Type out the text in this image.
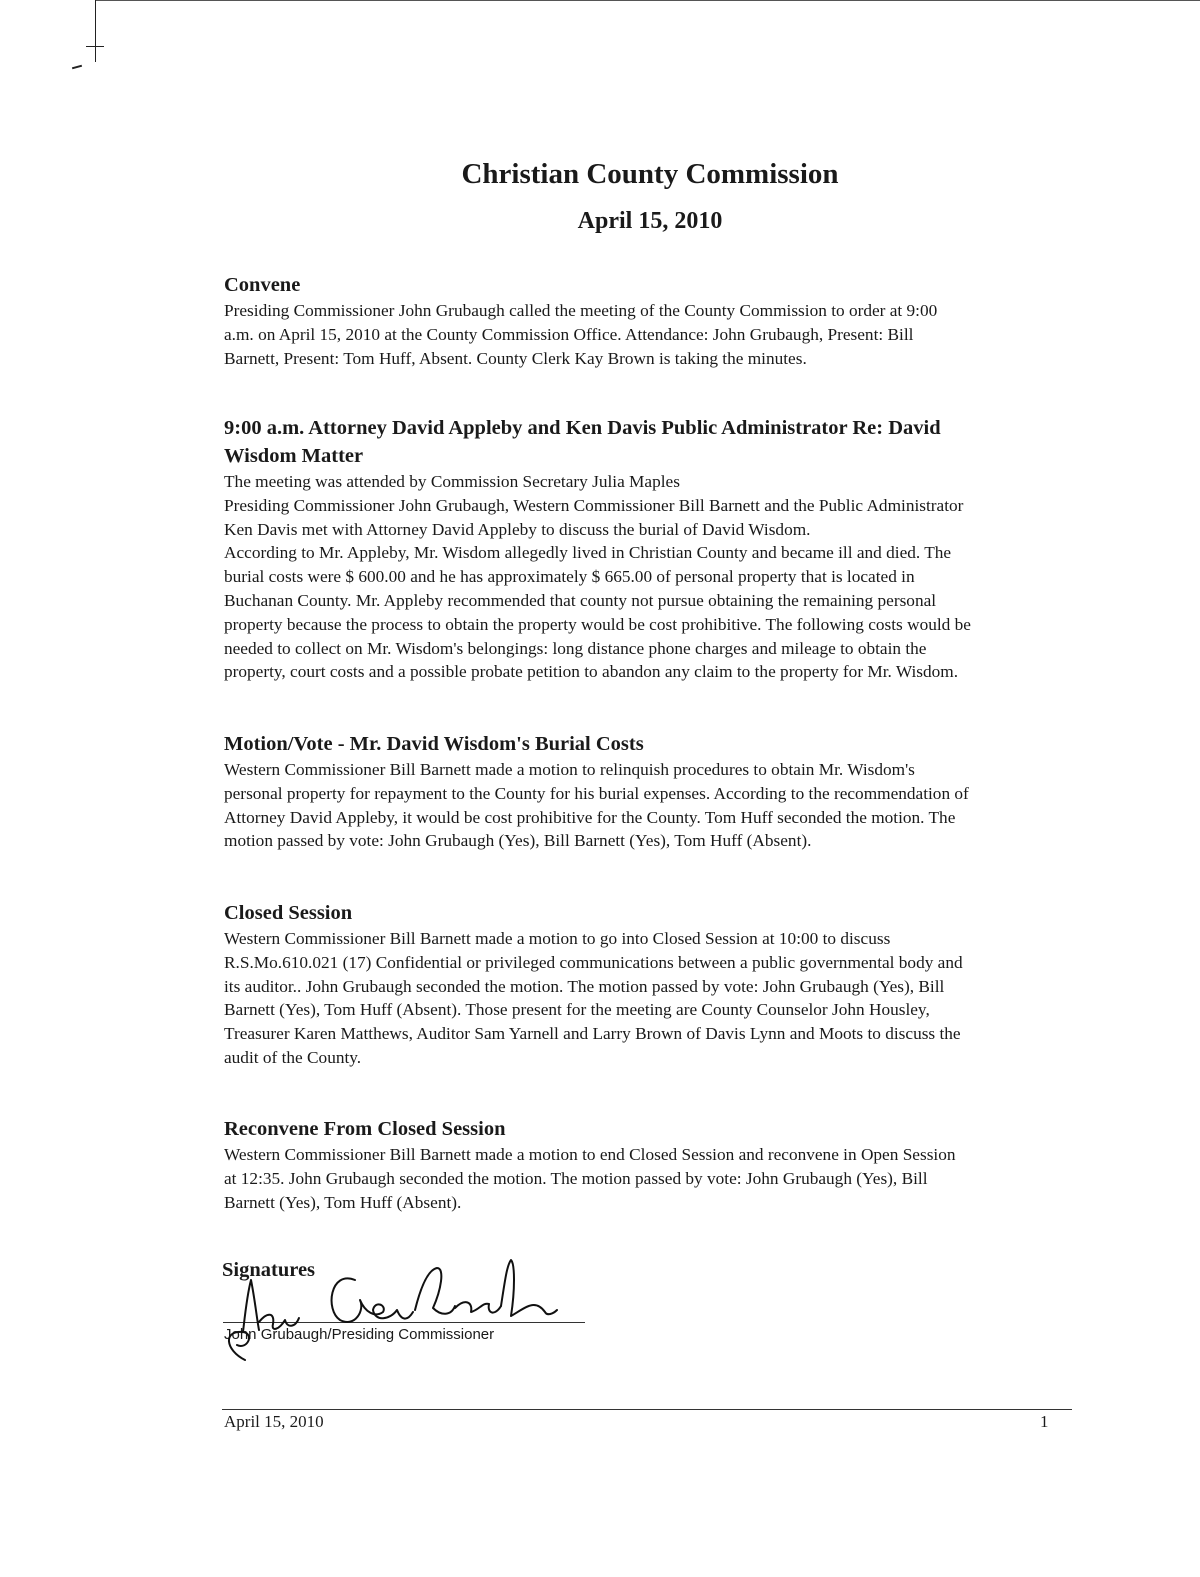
Christian County Commission
April 15, 2010
Convene

Presiding Commissioner John Grubaugh called the meeting of the County Commission to order at 9:00
a.m. on April 15, 2010 at the County Commission Office. Attendance: John Grubaugh, Present: Bill
Barnett, Present: Tom Huff, Absent. County Clerk Kay Brown is taking the minutes.

9:00 a.m. Attorney David Appleby and Ken Davis Public Administrator Re: David
Wisdom Matter

The meeting was attended by Commission Secretary Julia Maples
Presiding Commissioner John Grubaugh, Western Commissioner Bill Barnett and the Public Administrator
Ken Davis met with Attorney David Appleby to discuss the burial of David Wisdom.
According to Mr. Appleby, Mr. Wisdom allegedly lived in Christian County and became ill and died. The
burial costs were $ 600.00 and he has approximately $ 665.00 of personal property that is located in
Buchanan County. Mr. Appleby recommended that county not pursue obtaining the remaining personal
property because the process to obtain the property would be cost prohibitive. The following costs would be
needed to collect on Mr. Wisdom's belongings: long distance phone charges and mileage to obtain the
property, court costs and a possible probate petition to abandon any claim to the property for Mr. Wisdom.

Motion/Vote - Mr. David Wisdom's Burial Costs

Western Commissioner Bill Barnett made a motion to relinquish procedures to obtain Mr. Wisdom's
personal property for repayment to the County for his burial expenses. According to the recommendation of
Attorney David Appleby, it would be cost prohibitive for the County. Tom Huff seconded the motion. The
motion passed by vote: John Grubaugh (Yes), Bill Barnett (Yes), Tom Huff (Absent).

Closed Session

Western Commissioner Bill Barnett made a motion to go into Closed Session at 10:00 to discuss
R.S.Mo.610.021 (17) Confidential or privileged communications between a public governmental body and
its auditor.. John Grubaugh seconded the motion. The motion passed by vote: John Grubaugh (Yes), Bill
Barnett (Yes), Tom Huff (Absent). Those present for the meeting are County Counselor John Housley,
Treasurer Karen Matthews, Auditor Sam Yarnell and Larry Brown of Davis Lynn and Moots to discuss the
audit of the County.

Reconvene From Closed Session

Western Commissioner Bill Barnett made a motion to end Closed Session and reconvene in Open Session
at 12:35. John Grubaugh seconded the motion. The motion passed by vote: John Grubaugh (Yes), Bill
Barnett (Yes), Tom Huff (Absent).

Signatures
John Grubaugh/Presiding Commissioner
April 15, 2010	1
